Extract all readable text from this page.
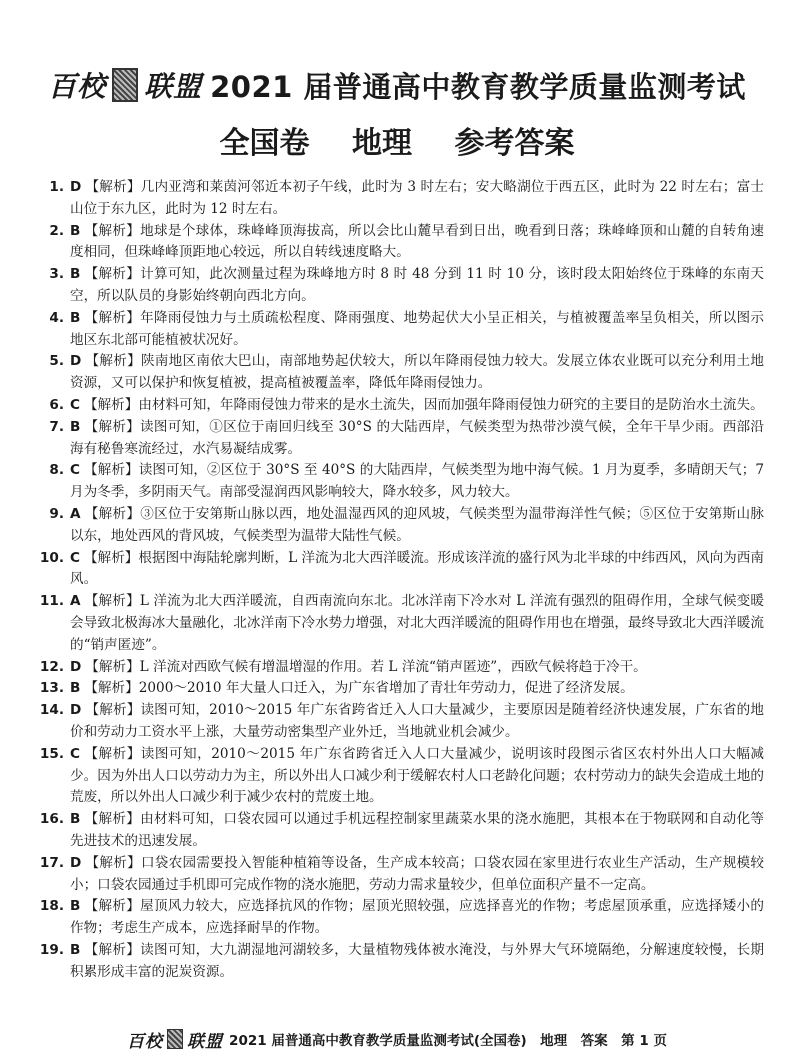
百校 联盟 2021 届普通高中教育教学质量监测考试
全国卷 地理 参考答案
1. D 【解析】几内亚湾和莱茵河邻近本初子午线，此时为 3 时左右；安大略湖位于西五区，此时为 22 时左右；富士山位于东九区，此时为 12 时左右。
2. B 【解析】地球是个球体，珠峰峰顶海拔高，所以会比山麓早看到日出，晚看到日落；珠峰峰顶和山麓的自转角速度相同，但珠峰峰顶距地心较远，所以自转线速度略大。
3. B 【解析】计算可知，此次测量过程为珠峰地方时 8 时 48 分到 11 时 10 分，该时段太阳始终位于珠峰的东南天空，所以队员的身影始终朝向西北方向。
4. B 【解析】年降雨侵蚀力与土质疏松程度、降雨强度、地势起伏大小呈正相关，与植被覆盖率呈负相关，所以图示地区东北部可能植被状况好。
5. D 【解析】陕南地区南依大巴山，南部地势起伏较大，所以年降雨侵蚀力较大。发展立体农业既可以充分利用土地资源，又可以保护和恢复植被，提高植被覆盖率，降低年降雨侵蚀力。
6. C 【解析】由材料可知，年降雨侵蚀力带来的是水土流失，因而加强年降雨侵蚀力研究的主要目的是防治水土流失。
7. B 【解析】读图可知，①区位于南回归线至 30°S 的大陆西岸，气候类型为热带沙漠气候，全年干旱少雨。西部沿海有秘鲁寒流经过，水汽易凝结成雾。
8. C 【解析】读图可知，②区位于 30°S 至 40°S 的大陆西岸，气候类型为地中海气候。1 月为夏季，多晴朗天气；7 月为冬季，多阴雨天气。南部受湿润西风影响较大，降水较多，风力较大。
9. A 【解析】③区位于安第斯山脉以西，地处温湿西风的迎风坡，气候类型为温带海洋性气候；⑤区位于安第斯山脉以东，地处西风的背风坡，气候类型为温带大陆性气候。
10. C 【解析】根据图中海陆轮廓判断，L 洋流为北大西洋暖流。形成该洋流的盛行风为北半球的中纬西风，风向为西南风。
11. A 【解析】L 洋流为北大西洋暖流，自西南流向东北。北冰洋南下冷水对 L 洋流有强烈的阻碍作用，全球气候变暖会导致北极海冰大量融化，北冰洋南下冷水势力增强，对北大西洋暖流的阻碍作用也在增强，最终导致北大西洋暖流的“销声匿迹”。
12. D 【解析】L 洋流对西欧气候有增温增湿的作用。若 L 洋流“销声匿迹”，西欧气候将趋于冷干。
13. B 【解析】2000～2010 年大量人口迁入，为广东省增加了青壮年劳动力，促进了经济发展。
14. D 【解析】读图可知，2010～2015 年广东省跨省迁入人口大量减少，主要原因是随着经济快速发展，广东省的地价和劳动力工资水平上涨，大量劳动密集型产业外迁，当地就业机会减少。
15. C 【解析】读图可知，2010～2015 年广东省跨省迁入人口大量减少，说明该时段图示省区农村外出人口大幅减少。因为外出人口以劳动力为主，所以外出人口减少利于缓解农村人口老龄化问题；农村劳动力的缺失会造成土地的荒废，所以外出人口减少利于减少农村的荒废土地。
16. B 【解析】由材料可知，口袋农园可以通过手机远程控制家里蔬菜水果的浇水施肥，其根本在于物联网和自动化等先进技术的迅速发展。
17. D 【解析】口袋农园需要投入智能种植箱等设备，生产成本较高；口袋农园在家里进行农业生产活动，生产规模较小；口袋农园通过手机即可完成作物的浇水施肥，劳动力需求量较少，但单位面积产量不一定高。
18. B 【解析】屋顶风力较大，应选择抗风的作物；屋顶光照较强，应选择喜光的作物；考虑屋顶承重，应选择矮小的作物；考虑生产成本，应选择耐旱的作物。
19. B 【解析】读图可知，大九湖湿地河湖较多，大量植物残体被水淹没，与外界大气环境隔绝，分解速度较慢，长期积累形成丰富的泥炭资源。
百校 联盟 2021 届普通高中教育教学质量监测考试(全国卷)　地理　答案　第 1 页
